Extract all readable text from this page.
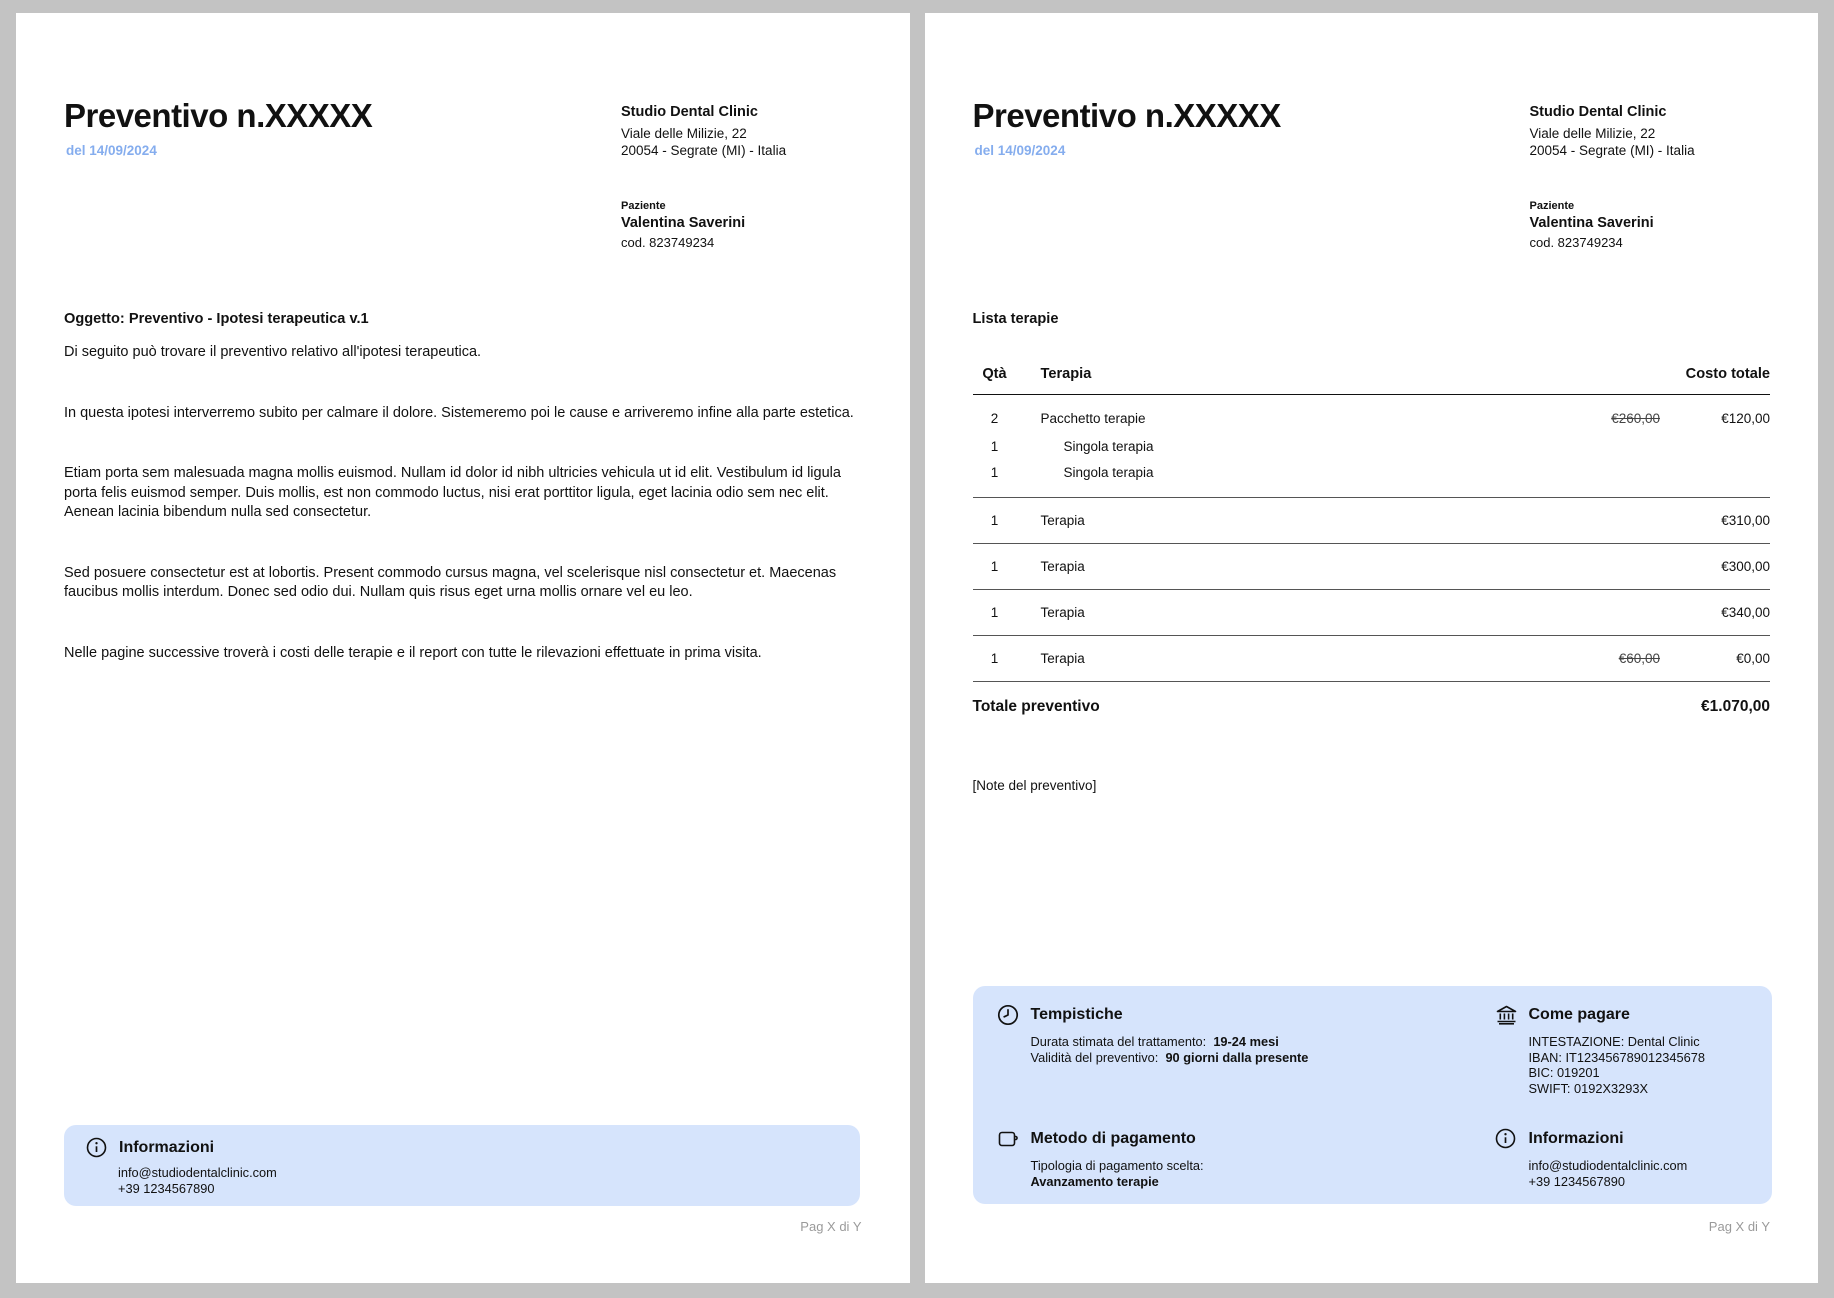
Preventivo n.XXXXX
del 14/09/2024
Studio Dental Clinic
Viale delle Milizie, 22
20054 - Segrate (MI) - Italia
Paziente
Valentina Saverini
cod. 823749234

Oggetto: Preventivo - Ipotesi terapeutica v.1

Di seguito può trovare il preventivo relativo all'ipotesi terapeutica.

In questa ipotesi interverremo subito per calmare il dolore. Sistemeremo poi le cause e arriveremo infine alla parte estetica.

Etiam porta sem malesuada magna mollis euismod. Nullam id dolor id nibh ultricies vehicula ut id elit. Vestibulum id ligula porta felis euismod semper. Duis mollis, est non commodo luctus, nisi erat porttitor ligula, eget lacinia odio sem nec elit. Aenean lacinia bibendum nulla sed consectetur.

Sed posuere consectetur est at lobortis. Present commodo cursus magna, vel scelerisque nisl consectetur et. Maecenas faucibus mollis interdum. Donec sed odio dui. Nullam quis risus eget urna mollis ornare vel eu leo.

Nelle pagine successive troverà i costi delle terapie e il report con tutte le rilevazioni effettuate in prima visita.

Informazioni
info@studiodentalclinic.com
+39 1234567890
Pag X di Y
Preventivo n.XXXXX
del 14/09/2024
Studio Dental Clinic
Viale delle Milizie, 22
20054 - Segrate (MI) - Italia
Paziente
Valentina Saverini
cod. 823749234
Lista terapie
Qtà	Terapia	Costo totale
2	Pacchetto terapie	€260,00	€120,00
1	Singola terapia
1	Singola terapia
1	Terapia	€310,00
1	Terapia	€300,00
1	Terapia	€340,00
1	Terapia	€60,00	€0,00
Totale preventivo	€1.070,00
[Note del preventivo]
Tempistiche
Durata stimata del trattamento: 19-24 mesi
Validità del preventivo: 90 giorni dalla presente
Come pagare
INTESTAZIONE: Dental Clinic
IBAN: IT123456789012345678
BIC: 019201
SWIFT: 0192X3293X
Metodo di pagamento
Tipologia di pagamento scelta:
Avanzamento terapie
Informazioni
info@studiodentalclinic.com
+39 1234567890
Pag X di Y
